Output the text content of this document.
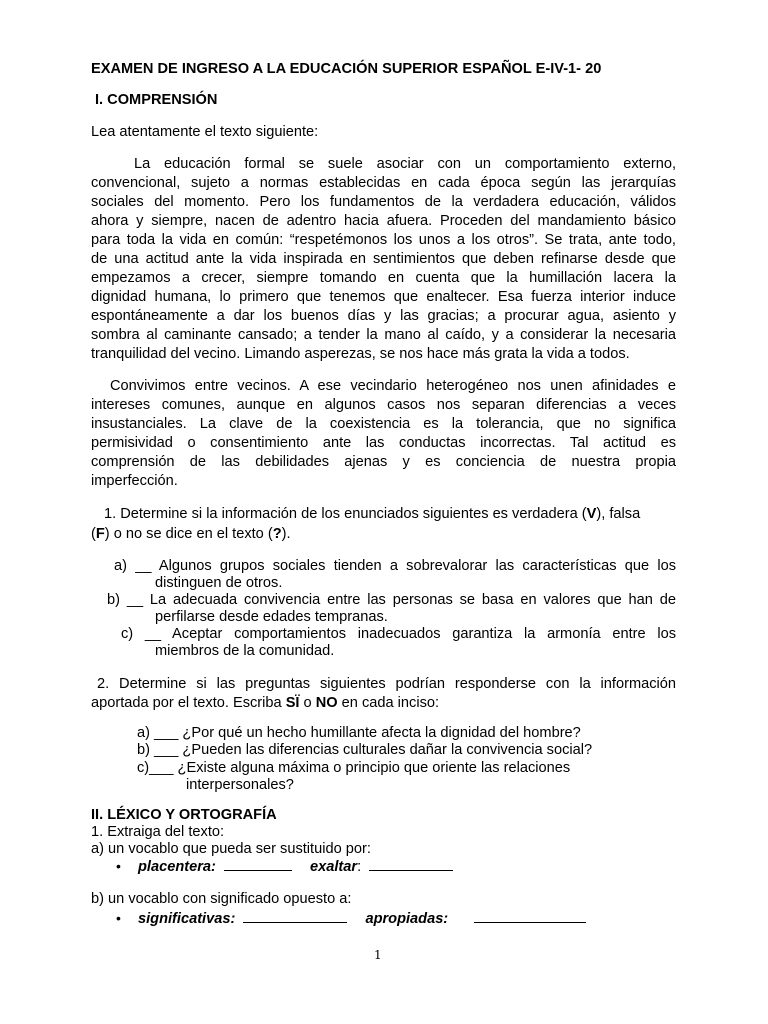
EXAMEN DE INGRESO A LA EDUCACIÓN SUPERIOR ESPAÑOL E-IV-1- 20
I. COMPRENSIÓN
Lea atentamente el texto siguiente:
La educación formal se suele asociar con un comportamiento externo,
convencional, sujeto a normas establecidas en cada época según las jerarquías
sociales del momento. Pero los fundamentos de la verdadera educación, válidos
ahora y siempre, nacen de adentro hacia afuera. Proceden del mandamiento básico
para toda la vida en común: “respetémonos los unos a los otros”. Se trata, ante todo,
de una actitud ante la vida inspirada en sentimientos que deben refinarse desde que
empezamos a crecer, siempre tomando en cuenta que la humillación lacera la
dignidad humana, lo primero que tenemos que enaltecer. Esa fuerza interior induce
espontáneamente a dar los buenos días y las gracias; a procurar agua, asiento y
sombra al caminante cansado; a tender la mano al caído, y a considerar la necesaria
tranquilidad del vecino. Limando asperezas, se nos hace más grata la vida a todos.
Convivimos entre vecinos. A ese vecindario heterogéneo nos unen afinidades e
intereses comunes, aunque en algunos casos nos separan diferencias a veces
insustanciales. La clave de la coexistencia es la tolerancia, que no significa
permisividad o consentimiento ante las conductas incorrectas. Tal actitud es
comprensión de las debilidades ajenas y es conciencia de nuestra propia
imperfección.
1. Determine si la información de los enunciados siguientes es verdadera (V), falsa
(F) o no se dice en el texto (?).
a) __ Algunos grupos sociales tienden a sobrevalorar las características que los
distinguen de otros.
b) __ La adecuada convivencia entre las personas se basa en valores que han de
perfilarse desde edades tempranas.
c) __ Aceptar comportamientos inadecuados garantiza la armonía entre los
miembros de la comunidad.
2. Determine si las preguntas siguientes podrían responderse con la información
aportada por el texto. Escriba SÏ o NO en cada inciso:
a) ___ ¿Por qué un hecho humillante afecta la dignidad del hombre?
b) ___ ¿Pueden las diferencias culturales dañar la convivencia social?
c)___ ¿Existe alguna máxima o principio que oriente las relaciones
interpersonales?
II. LÉXICO Y ORTOGRAFÍA
1. Extraiga del texto:
a) un vocablo que pueda ser sustituido por:
• placentera:	exaltar:
b) un vocablo con significado opuesto a:
• significativas:	apropiadas:
1
